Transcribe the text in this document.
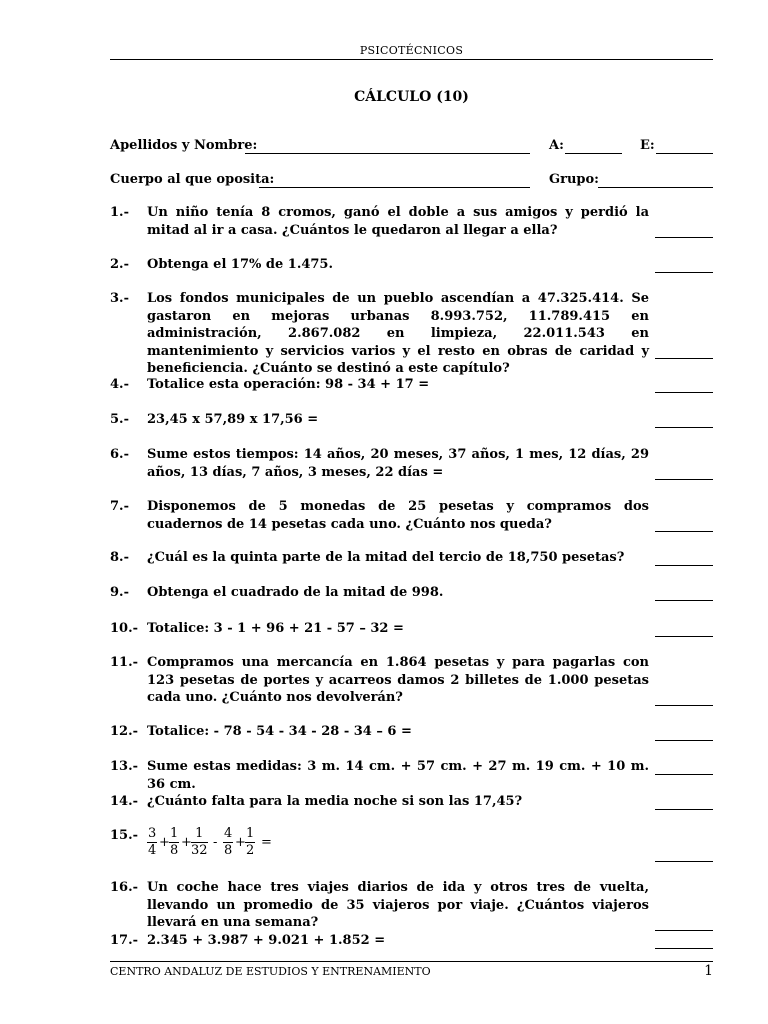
PSICOTÉCNICOS
CÁLCULO (10)
Apellidos y Nombre:	A:	E:
Cuerpo al que oposita:	Grupo:
1.- Un niño tenía 8 cromos, ganó el doble a sus amigos y perdió la mitad al ir a casa. ¿Cuántos le quedaron al llegar a ella?
2.- Obtenga el 17% de 1.475.
3.- Los fondos municipales de un pueblo ascendían a 47.325.414. Se gastaron en mejoras urbanas 8.993.752, 11.789.415 en administración, 2.867.082 en limpieza, 22.011.543 en mantenimiento y servicios varios y el resto en obras de caridad y beneficiencia. ¿Cuánto se destinó a este capítulo?
4.- Totalice esta operación: 98 - 34 + 17 =
5.- 23,45 x 57,89 x 17,56 =
6.- Sume estos tiempos: 14 años, 20 meses, 37 años, 1 mes, 12 días, 29 años, 13 días, 7 años, 3 meses, 22 días =
7.- Disponemos de 5 monedas de 25 pesetas y compramos dos cuadernos de 14 pesetas cada uno. ¿Cuánto nos queda?
8.- ¿Cuál es la quinta parte de la mitad del tercio de 18,750 pesetas?
9.- Obtenga el cuadrado de la mitad de 998.
10.- Totalice: 3 - 1 + 96 + 21 - 57 – 32 =
11.- Compramos una mercancía en 1.864 pesetas y para pagarlas con 123 pesetas de portes y acarreos damos 2 billetes de 1.000 pesetas cada uno. ¿Cuánto nos devolverán?
12.- Totalice: - 78 - 54 - 34 - 28 - 34 – 6 =
13.- Sume estas medidas: 3 m. 14 cm. + 57 cm. + 27 m. 19 cm. + 10 m. 36 cm.
14.- ¿Cuánto falta para la media noche si son las 17,45?
$15.- \frac{3}{4} + \frac{1}{8} + \frac{1}{32} - \frac{4}{8} + \frac{1}{2}$ =
16.- Un coche hace tres viajes diarios de ida y otros tres de vuelta, llevando un promedio de 35 viajeros por viaje. ¿Cuántos viajeros llevará en una semana?
17.- 2.345 + 3.987 + 9.021 + 1.852 =
CENTRO ANDALUZ DE ESTUDIOS Y ENTRENAMIENTO	1
